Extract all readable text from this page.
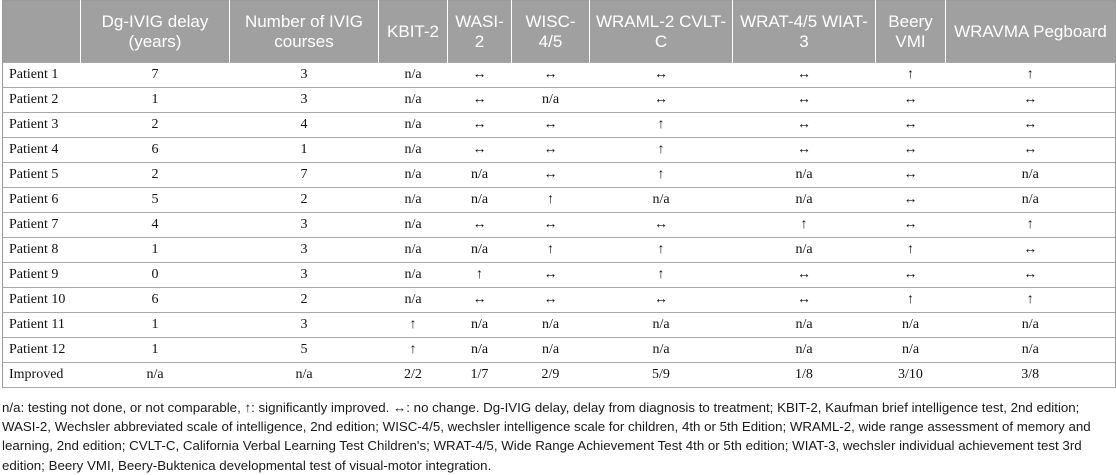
	Dg-IVIG delay (years)	Number of IVIG courses	KBIT-2	WASI-2	WISC-4/5	WRAML-2 CVLT-C	WRAT-4/5 WIAT-3	Beery VMI	WRAVMA Pegboard
Patient 1	7	3	n/a	↔	↔	↔	↔	↑	↑
Patient 2	1	3	n/a	↔	n/a	↔	↔	↔	↔
Patient 3	2	4	n/a	↔	↔	↑	↔	↔	↔
Patient 4	6	1	n/a	↔	↔	↑	↔	↔	↔
Patient 5	2	7	n/a	n/a	↔	↑	n/a	↔	n/a
Patient 6	5	2	n/a	n/a	↑	n/a	n/a	↔	n/a
Patient 7	4	3	n/a	↔	↔	↔	↑	↔	↑
Patient 8	1	3	n/a	n/a	↑	↑	n/a	↑	↔
Patient 9	0	3	n/a	↑	↔	↑	↔	↔	↔
Patient 10	6	2	n/a	↔	↔	↔	↔	↑	↑
Patient 11	1	3	↑	n/a	n/a	n/a	n/a	n/a	n/a
Patient 12	1	5	↑	n/a	n/a	n/a	n/a	n/a	n/a
Improved	n/a	n/a	2/2	1/7	2/9	5/9	1/8	3/10	3/8

n/a: testing not done, or not comparable, ↑: significantly improved. ↔: no change. Dg-IVIG delay, delay from diagnosis to treatment; KBIT-2, Kaufman brief intelligence test, 2nd edition; WASI-2, Wechsler abbreviated scale of intelligence, 2nd edition; WISC-4/5, wechsler intelligence scale for children, 4th or 5th Edition; WRAML-2, wide range assessment of memory and learning, 2nd edition; CVLT-C, California Verbal Learning Test Children's; WRAT-4/5, Wide Range Achievement Test 4th or 5th edition; WIAT-3, wechsler individual achievement test 3rd edition; Beery VMI, Beery-Buktenica developmental test of visual-motor integration.
